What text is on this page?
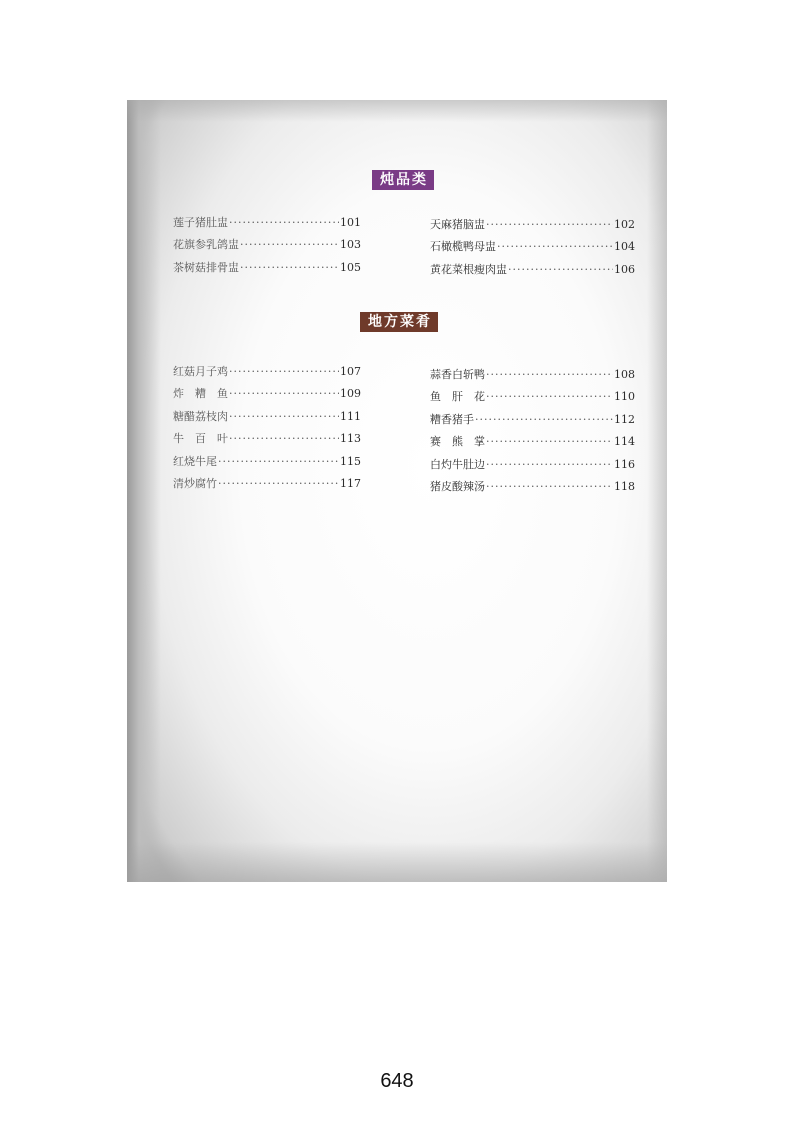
炖品类
莲子猪肚盅 ·····	101
花旗参乳鸽盅 ·····	103
茶树菇排骨盅 ·····	105
天麻猪脑盅 ·····	102
石橄榄鸭母盅 ·····	104
黄花菜根瘦肉盅 ·····	106
地方菜肴
红菇月子鸡 ·····	107
炸　糟　鱼 ·····	109
糖醋荔枝肉 ·····	111
牛　百　叶 ·····	113
红烧牛尾 ·····	115
清炒腐竹 ·····	117
蒜香白斩鸭 ·····	108
鱼　肝　花 ·····	110
糟香猪手 ·····	112
赛　熊　掌 ·····	114
白灼牛肚边 ·····	116
猪皮酸辣汤 ·····	118
648
